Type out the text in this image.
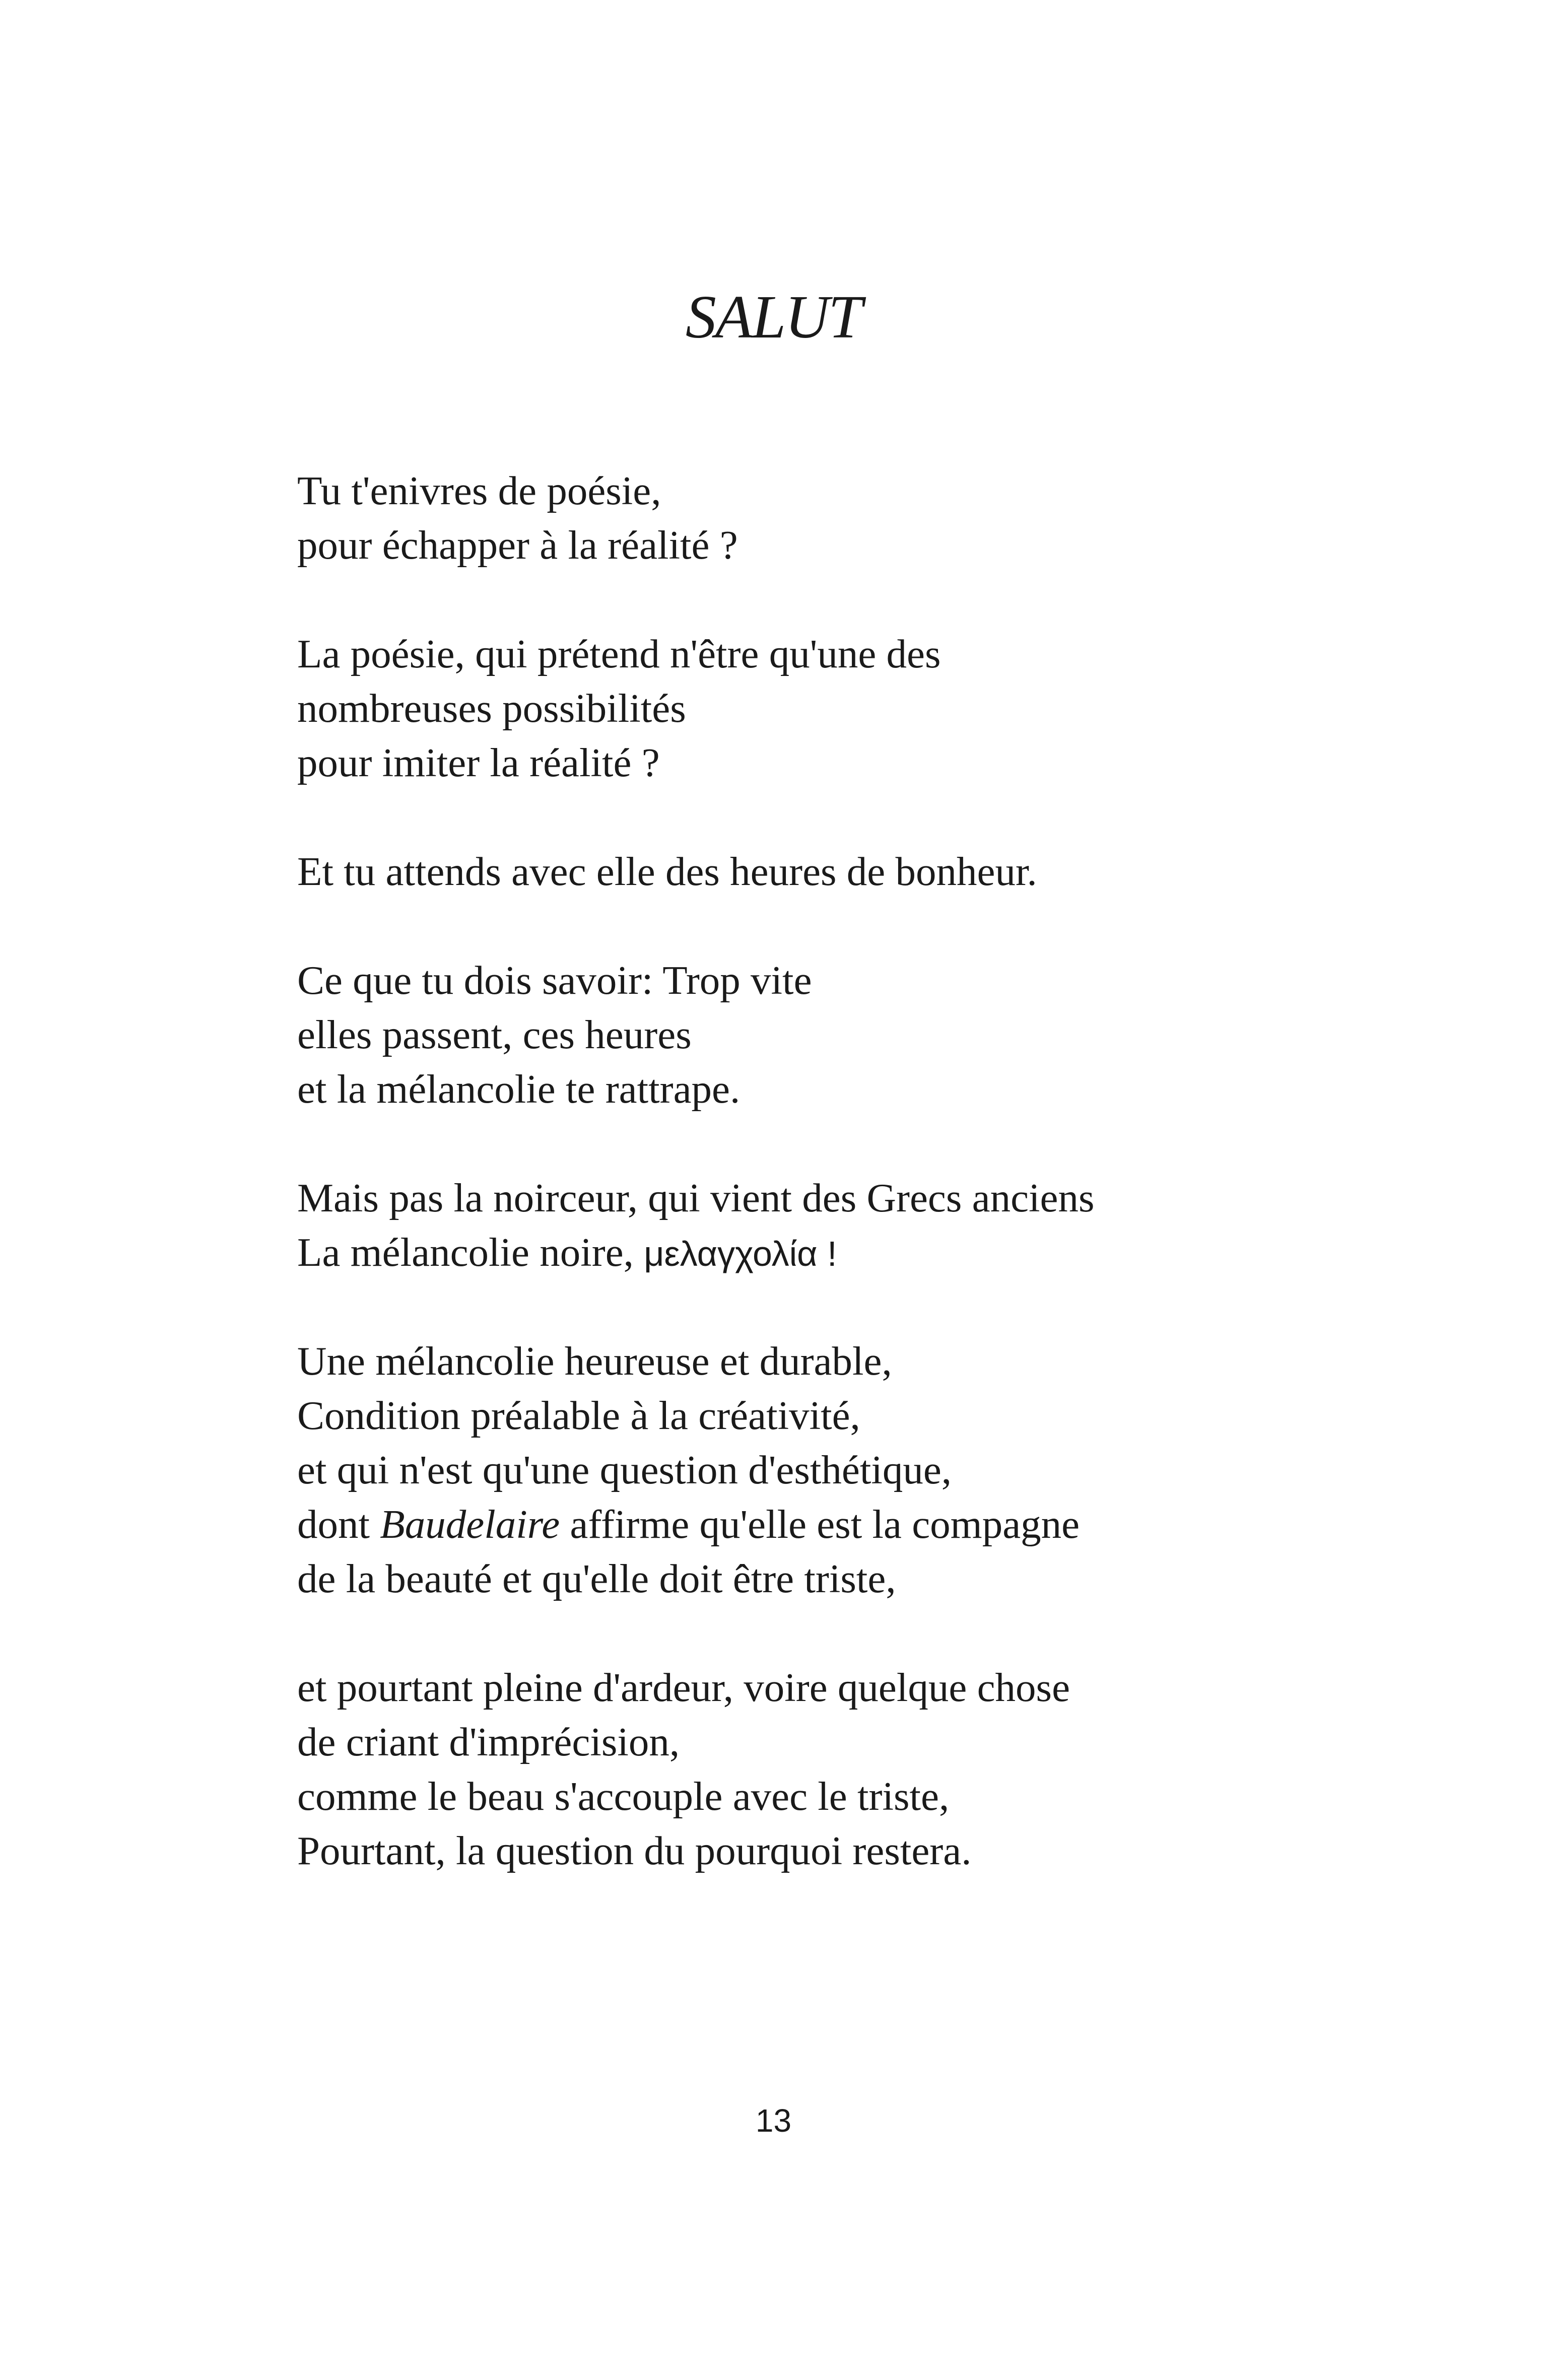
SALUT
Tu t'enivres de poésie,
pour échapper à la réalité ?
La poésie, qui prétend n'être qu'une des
nombreuses possibilités
pour imiter la réalité ?
Et tu attends avec elle des heures de bonheur.
Ce que tu dois savoir: Trop vite
elles passent, ces heures
et la mélancolie te rattrape.
Mais pas la noirceur, qui vient des Grecs anciens
La mélancolie noire, μελαγχολία !
Une mélancolie heureuse et durable,
Condition préalable à la créativité,
et qui n'est qu'une question d'esthétique,
dont Baudelaire affirme qu'elle est la compagne
de la beauté et qu'elle doit être triste,
et pourtant pleine d'ardeur, voire quelque chose
de criant d'imprécision,
comme le beau s'accouple avec le triste,
Pourtant, la question du pourquoi restera.
13
